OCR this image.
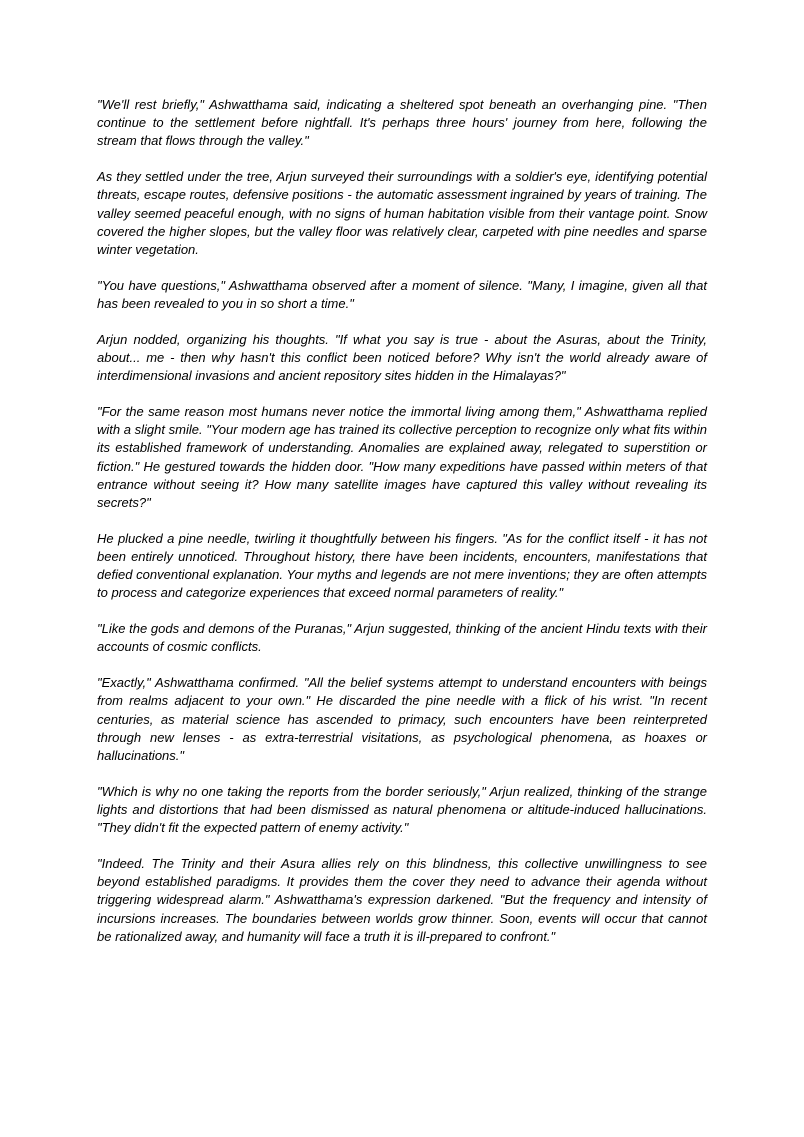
"We'll rest briefly," Ashwatthama said, indicating a sheltered spot beneath an overhanging pine. "Then continue to the settlement before nightfall. It's perhaps three hours' journey from here, following the stream that flows through the valley."

As they settled under the tree, Arjun surveyed their surroundings with a soldier's eye, identifying potential threats, escape routes, defensive positions - the automatic assessment ingrained by years of training. The valley seemed peaceful enough, with no signs of human habitation visible from their vantage point. Snow covered the higher slopes, but the valley floor was relatively clear, carpeted with pine needles and sparse winter vegetation.

"You have questions," Ashwatthama observed after a moment of silence. "Many, I imagine, given all that has been revealed to you in so short a time."

Arjun nodded, organizing his thoughts. "If what you say is true - about the Asuras, about the Trinity, about... me - then why hasn't this conflict been noticed before? Why isn't the world already aware of interdimensional invasions and ancient repository sites hidden in the Himalayas?"

"For the same reason most humans never notice the immortal living among them," Ashwatthama replied with a slight smile. "Your modern age has trained its collective perception to recognize only what fits within its established framework of understanding. Anomalies are explained away, relegated to superstition or fiction." He gestured towards the hidden door. "How many expeditions have passed within meters of that entrance without seeing it? How many satellite images have captured this valley without revealing its secrets?"

He plucked a pine needle, twirling it thoughtfully between his fingers. "As for the conflict itself - it has not been entirely unnoticed. Throughout history, there have been incidents, encounters, manifestations that defied conventional explanation. Your myths and legends are not mere inventions; they are often attempts to process and categorize experiences that exceed normal parameters of reality."

"Like the gods and demons of the Puranas," Arjun suggested, thinking of the ancient Hindu texts with their accounts of cosmic conflicts.

"Exactly," Ashwatthama confirmed. "All the belief systems attempt to understand encounters with beings from realms adjacent to your own." He discarded the pine needle with a flick of his wrist. "In recent centuries, as material science has ascended to primacy, such encounters have been reinterpreted through new lenses - as extra-terrestrial visitations, as psychological phenomena, as hoaxes or hallucinations."

"Which is why no one taking the reports from the border seriously," Arjun realized, thinking of the strange lights and distortions that had been dismissed as natural phenomena or altitude-induced hallucinations. "They didn't fit the expected pattern of enemy activity."

"Indeed. The Trinity and their Asura allies rely on this blindness, this collective unwillingness to see beyond established paradigms. It provides them the cover they need to advance their agenda without triggering widespread alarm." Ashwatthama's expression darkened. "But the frequency and intensity of incursions increases. The boundaries between worlds grow thinner. Soon, events will occur that cannot be rationalized away, and humanity will face a truth it is ill-prepared to confront."
